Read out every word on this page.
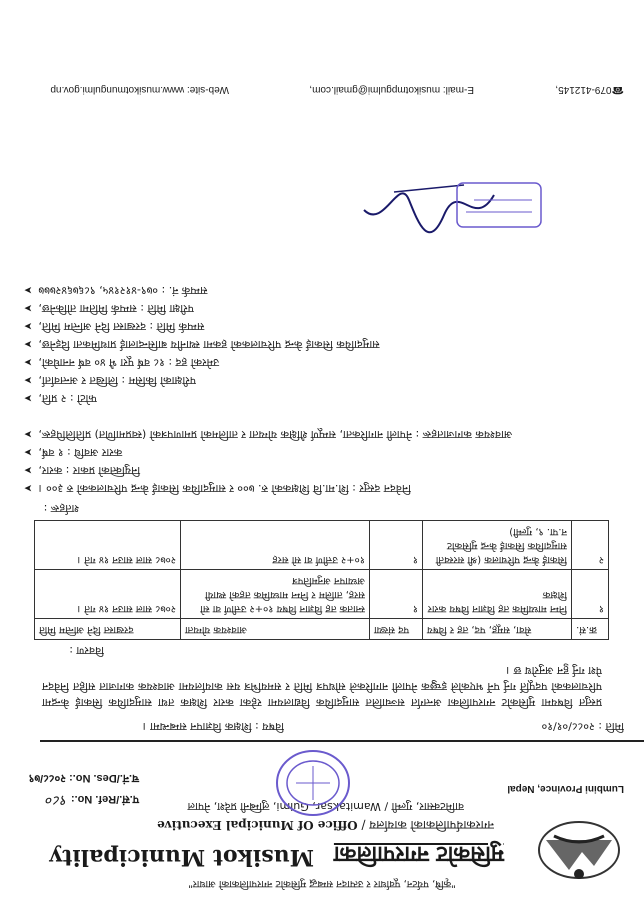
"कृषि, पर्यटन, पूर्वाधार र उत्पादन सम्बद्ध मुसिकोट नगरपालिकाको आधार"
मुसिकोट नगरपालिका
Musikot Municipality
नगरकार्यपालिकाको कार्यालय / Office Of Municipal Executive
वामिटक्सार, गुल्मी / Wamitaksar, Gulmi, लुम्बिनी प्रदेश, नेपाल
Lumbini Province, Nepal
प.सं./Ref. No.: ९८०
च.नं./Des. No.: २०८८/७९
मिति : २०८८/०१/१०
विषय : शिक्षक विज्ञापन सम्बन्धमा ।
प्रस्तुत विषयमा मुसिकोट नगरपालिका अन्तर्गत सञ्चालित सामुदायिक विद्यालयमा रहेका करार शिक्षक तथा सामुदायिक सिकाई केन्द्रमा परिचालकको पदपूर्ति गर्नु पर्ने भएकोले इच्छुक नेपाली नागरिकले सोधपत्र मिति र समयभित्र यस कार्यालयमा आवश्यक कागजात सहित निवेदन पेश गर्नु हुन अनुरोध छ ।
विवरण :
क्र.सं.	सेवा, समूह, पद, तह र विषय	पद संख्या	आवश्यक योग्यता	दरखास्त दिने अन्तिम मिति
१	निम्न माध्यमिक तह विज्ञान विषय करार शिक्षक	१	स्नातक तह विज्ञान विषय १०+२ उत्तीर्ण वा सो सरह, तालिम र निम्न माध्यमिक तहको स्थायी अध्यापन अनुमतिपत्र	२०७८ साल साउन १४ गते ।
२	सिकाई केन्द्र परिचालक (श्री सरस्वती सामुदायिक सिकाई केन्द्र मुसिकोट न.पा. ९, गुल्मी)	१	१०+२ उत्तीर्ण वा सो सरह	२०७८ साल साउन १४ गते ।
शर्तहरू :
निवेदन दस्तुर : शि.मा.वि शिक्षकको रु. ७०० र सामुदायिक सिकाई केन्द्र परिचालकको रु ३०० ।➤
नियुक्तिको प्रकार : करार,➤
करार अवधि : १ वर्ष,➤
आवश्यक कागजातहरू : नेपाली नागरिकता, सम्पूर्ण शैक्षिक योग्यता र तालिमको प्रमाणपत्रको (स्वप्रमाणित) प्रतिलिपिहरू,➤
फोटो : २ प्रति,➤
परीक्षाको किसिम : लिखित र अन्तर्वार्ता,➤
उमेरको हद : १८ वर्ष पूरा भै ४० वर्ष ननाघेको,➤
सामुदायिक सिकाई केन्द्र परिचालकको हकमा स्थानीय बासिन्दालाई प्राथमिकता दिइनेछ,➤
सम्पर्क मिति : दरखास्त दिने अन्तिम मिति,➤
परीक्षा मिति : सम्पर्क मितिमा तोकिनेछ,➤
सम्पर्क नं. : ०७९-४१२१४५, ९८६७६४२७७७➤
☎079-412145,
E-mail: musikotmpgulmi@gmail.com,
Web-site: www.musikotmungulmi.gov.np
